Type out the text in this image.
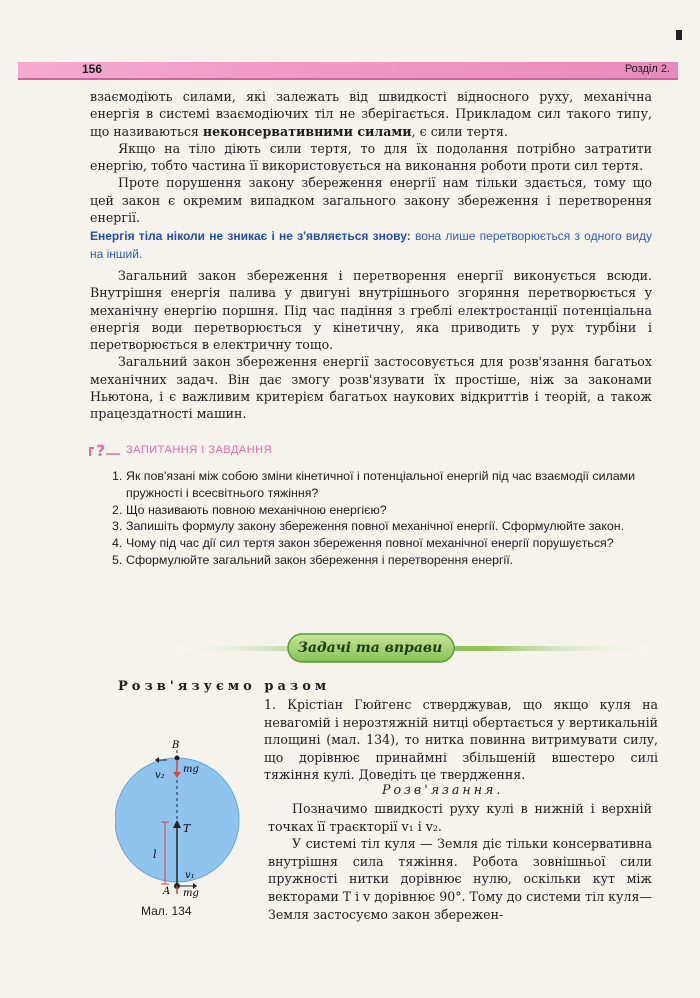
156	Розділ 2.

взаємодіють силами, які залежать від швидкості відносного руху, механічна енергія в системі взаємодіючих тіл не зберігається. Прикладом сил такого типу, що називаються неконсервативними силами, є сили тертя.

Якщо на тіло діють сили тертя, то для їх подолання потрібно затратити енергію, тобто частина її використовується на виконання роботи проти сил тертя.

Проте порушення закону збереження енергії нам тільки здається, тому що цей закон є окремим випадком загального закону збереження і перетворення енергії.

Енергія тіла ніколи не зникає і не з'являється знову: вона лише перетворюється з одного виду на інший.

Загальний закон збереження і перетворення енергії виконується всюди. Внутрішня енергія палива у двигуні внутрішнього згоряння перетворюється у механічну енергію поршня. Під час падіння з греблі електростанції потенціальна енергія води перетворюється у кінетичну, яка приводить у рух турбіни і перетворюється в електричну тощо.

Загальний закон збереження енергії застосовується для розв'язання багатьох механічних задач. Він дає змогу розв'язувати їх простіше, ніж за законами Ньютона, і є важливим критерієм багатьох наукових відкриттів і теорій, а також працездатності машин.

? ЗАПИТАННЯ І ЗАВДАННЯ
1. Як пов'язані між собою зміни кінетичної і потенціальної енергій під час взаємодії силами пружності і всесвітнього тяжіння?
2. Що називають повною механічною енергією?
3. Запишіть формулу закону збереження повної механічної енергії. Сформулюйте закон.
4. Чому під час дії сил тертя закон збереження повної механічної енергії порушується?
5. Сформулюйте загальний закон збереження і перетворення енергії.
Задачі та вправи
Розв'язуємо разом

1. Крістіан Гюйгенс стверджував, що якщо куля на невагомій і нерозтяжній нитці обертається у вертикальній площині (мал. 134), то нитка повинна витримувати силу, що дорівнює принаймні збільшеній вшестеро силі тяжіння кулі. Доведіть це твердження.

B
mg
v₂
T
l
v₁
A mg
Мал. 134
Розв'язання.

Позначимо швидкості руху кулі в нижній і верхній точках її траєкторії v₁ і v₂.

У системі тіл куля — Земля діє тільки консервативна внутрішня сила тяжіння. Робота зовнішньої сили пружності нитки дорівнює нулю, оскільки кут між векторами T і v дорівнює 90°. Тому до системи тіл куля—Земля застосуємо закон збережен-
